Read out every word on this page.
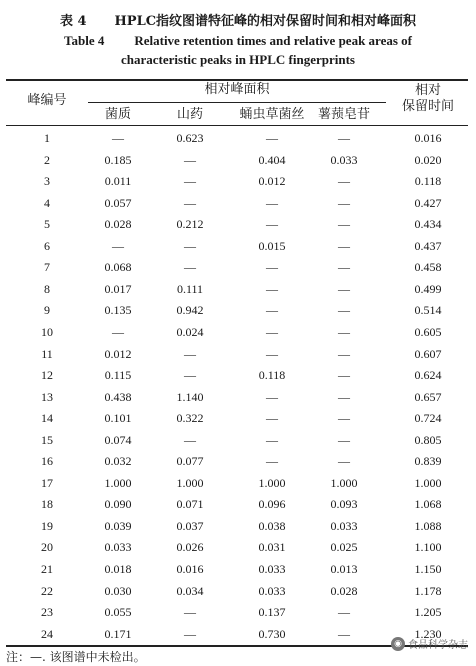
表 4 HPLC指纹图谱特征峰的相对保留时间和相对峰面积
Table 4 Relative retention times and relative peak areas of
characteristic peaks in HPLC fingerprints
峰编号
相对峰面积	相对
保留时间
菌质	山药	蛹虫草菌丝	薯蓣皂苷
1	—	0.623	—	—	0.016
2	0.185	—	0.404	0.033	0.020
3	0.011	—	0.012	—	0.118
4	0.057	—	—	—	0.427
5	0.028	0.212	—	—	0.434
6	—	—	0.015	—	0.437
7	0.068	—	—	—	0.458
8	0.017	0.111	—	—	0.499
9	0.135	0.942	—	—	0.514
10	—	0.024	—	—	0.605
11	0.012	—	—	—	0.607
12	0.115	—	0.118	—	0.624
13	0.438	1.140	—	—	0.657
14	0.101	0.322	—	—	0.724
15	0.074	—	—	—	0.805
16	0.032	0.077	—	—	0.839
17	1.000	1.000	1.000	1.000	1.000
18	0.090	0.071	0.096	0.093	1.068
19	0.039	0.037	0.038	0.033	1.088
20	0.033	0.026	0.031	0.025	1.100
21	0.018	0.016	0.033	0.013	1.150
22	0.030	0.034	0.033	0.028	1.178
23	0.055	—	0.137	—	1.205
24	0.171	—	0.730	—	1.230
注：—. 该图谱中未检出。
◉ 食品科学杂志
